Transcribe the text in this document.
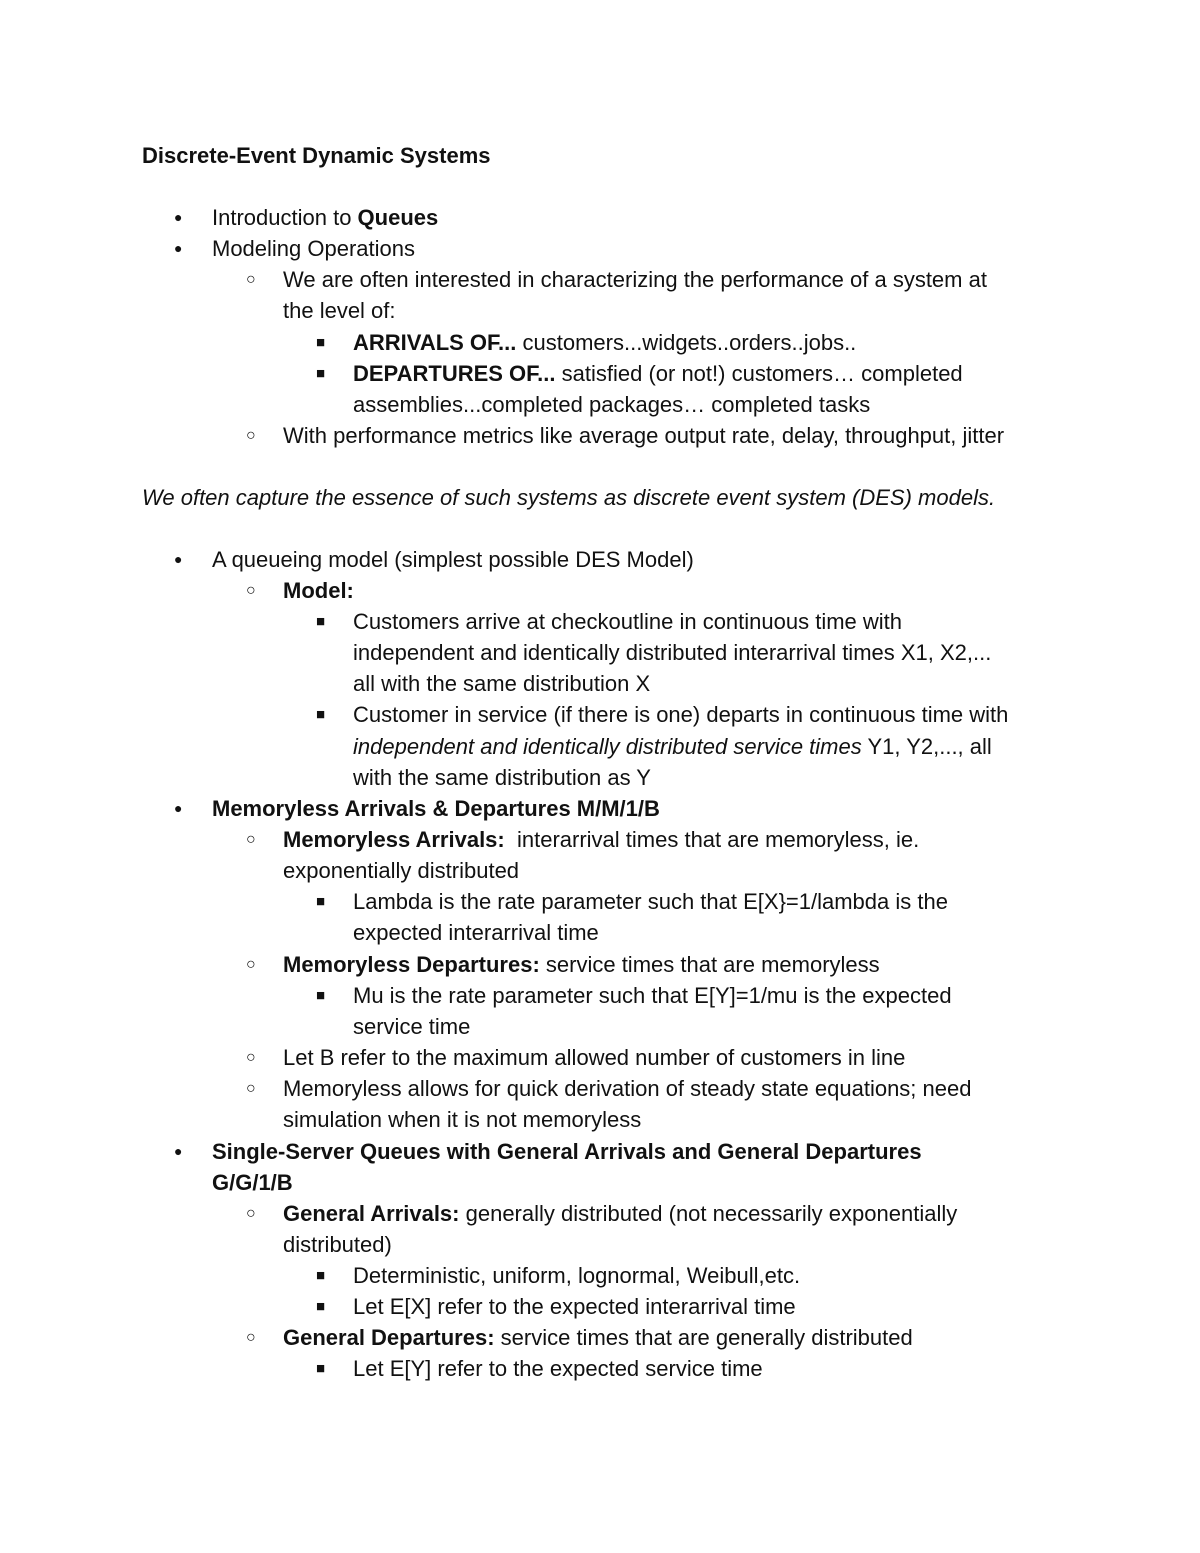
Discrete-Event Dynamic Systems
●
Introduction to Queues
●
Modeling Operations
○
We are often interested in characterizing the performance of a system at
the level of:
■
ARRIVALS OF... customers...widgets..orders..jobs..
■
DEPARTURES OF... satisfied (or not!) customers… completed
assemblies...completed packages… completed tasks
○
With performance metrics like average output rate, delay, throughput, jitter
We often capture the essence of such systems as discrete event system (DES) models.
●
A queueing model (simplest possible DES Model)
○
Model:
■
Customers arrive at checkoutline in continuous time with
independent and identically distributed interarrival times X1, X2,...
all with the same distribution X
■
Customer in service (if there is one) departs in continuous time with
independent and identically distributed service times Y1, Y2,..., all
with the same distribution as Y
●
Memoryless Arrivals & Departures M/M/1/B
○
Memoryless Arrivals:  interarrival times that are memoryless, ie.
exponentially distributed
■
Lambda is the rate parameter such that E[X}=1/lambda is the
expected interarrival time
○
Memoryless Departures: service times that are memoryless
■
Mu is the rate parameter such that E[Y]=1/mu is the expected
service time
○
Let B refer to the maximum allowed number of customers in line
○
Memoryless allows for quick derivation of steady state equations; need
simulation when it is not memoryless
●
Single-Server Queues with General Arrivals and General Departures
G/G/1/B
○
General Arrivals: generally distributed (not necessarily exponentially
distributed)
■
Deterministic, uniform, lognormal, Weibull,etc.
■
Let E[X] refer to the expected interarrival time
○
General Departures: service times that are generally distributed
■
Let E[Y] refer to the expected service time
